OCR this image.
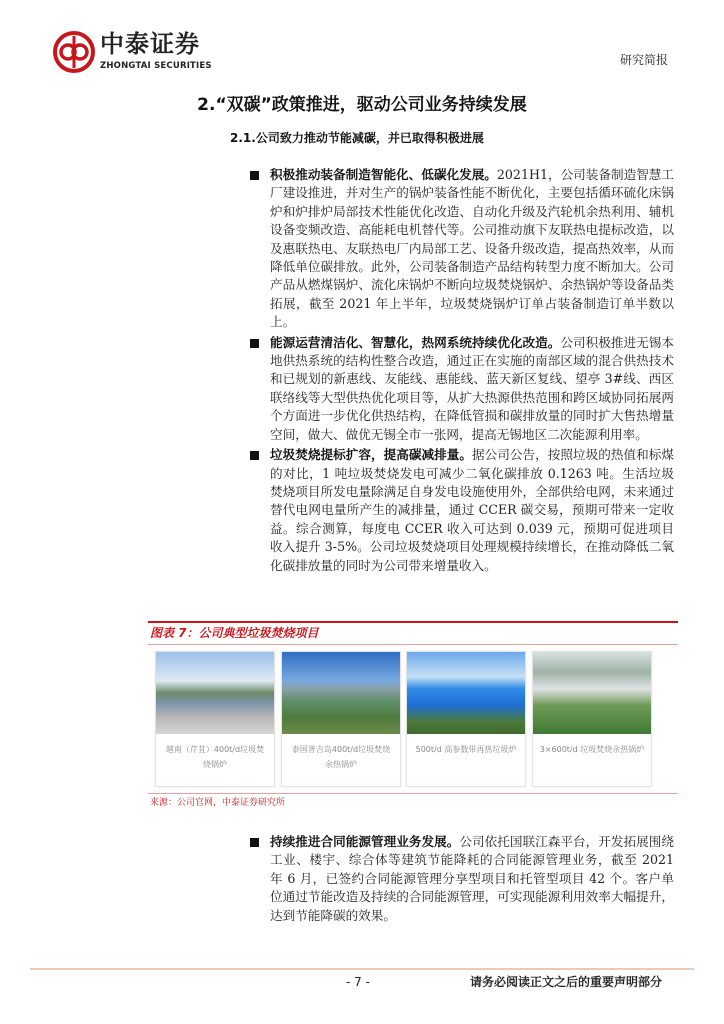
中泰证券
ZHONGTAI SECURITIES	研究简报
2.“双碳”政策推进，驱动公司业务持续发展
2.1.公司致力推动节能减碳，并已取得积极进展
积极推动装备制造智能化、低碳化发展。2021H1，公司装备制造智慧工厂建设推进，并对生产的锅炉装备性能不断优化，主要包括循环硫化床锅炉和炉排炉局部技术性能优化改造、自动化升级及汽轮机余热利用、辅机设备变频改造、高能耗电机替代等。公司推动旗下友联热电提标改造，以及惠联热电、友联热电厂内局部工艺、设备升级改造，提高热效率，从而降低单位碳排放。此外，公司装备制造产品结构转型力度不断加大。公司产品从燃煤锅炉、流化床锅炉不断向垃圾焚烧锅炉、余热锅炉等设备品类拓展，截至 2021 年上半年，垃圾焚烧锅炉订单占装备制造订单半数以上。
能源运营清洁化、智慧化，热网系统持续优化改造。公司积极推进无锡本地供热系统的结构性整合改造，通过正在实施的南部区域的混合供热技术和已规划的新惠线、友能线、惠能线、蓝天新区复线、望亭 3#线、西区联络线等大型供热优化项目等，从扩大热源供热范围和跨区域协同拓展两个方面进一步优化供热结构，在降低管损和碳排放量的同时扩大售热增量空间，做大、做优无锡全市一张网，提高无锡地区二次能源利用率。
垃圾焚烧提标扩容，提高碳减排量。据公司公告，按照垃圾的热值和标煤的对比，1 吨垃圾焚烧发电可减少二氧化碳排放 0.1263 吨。生活垃圾焚烧项目所发电量除满足自身发电设施使用外，全部供给电网，未来通过替代电网电量所产生的减排量，通过 CCER 碳交易，预期可带来一定收益。综合测算，每度电 CCER 收入可达到 0.039 元，预期可促进项目收入提升 3-5%。公司垃圾焚烧项目处理规模持续增长，在推动降低二氧化碳排放量的同时为公司带来增量收入。
图表 7：公司典型垃圾焚烧项目
越南（芹苴）400t/d垃圾焚烧锅炉
泰国普吉岛400t/d垃圾焚烧余热锅炉
500t/d 高参数带再热垃圾炉	3×600t/d 垃圾焚烧余热锅炉
来源：公司官网，中泰证券研究所
持续推进合同能源管理业务发展。公司依托国联江森平台，开发拓展围绕工业、楼宇、综合体等建筑节能降耗的合同能源管理业务，截至 2021 年 6 月，已签约合同能源管理分享型项目和托管型项目 42 个。客户单位通过节能改造及持续的合同能源管理，可实现能源利用效率大幅提升，达到节能降碳的效果。
- 7 -	请务必阅读正文之后的重要声明部分
